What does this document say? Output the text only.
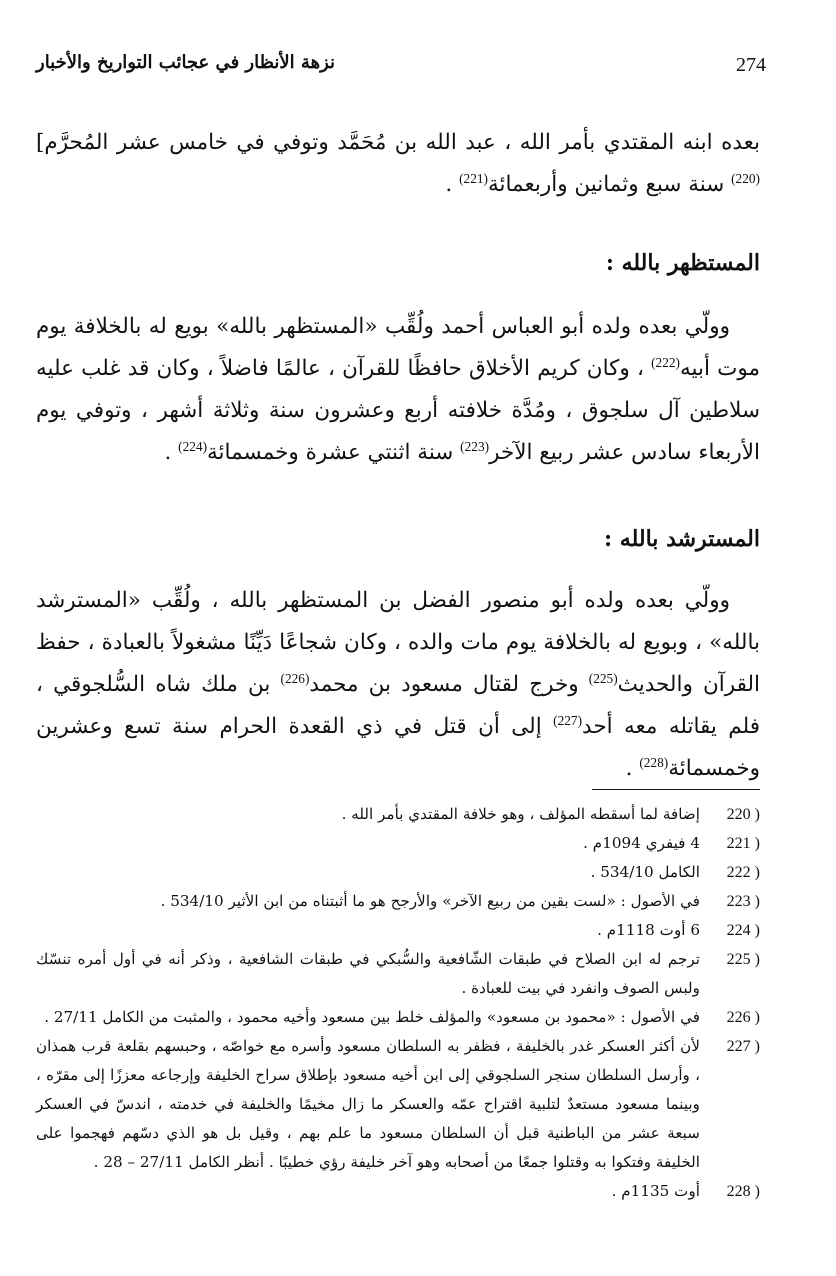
نزهة الأنظار في عجائب التواريخ والأخبار	274

بعده ابنه المقتدي بأمر الله ، عبد الله بن مُحَمَّد وتوفي في خامس عشر المُحرَّم]$^{(220)}$ سنة سبع وثمانين وأربعمائة$^{(221)}$ .

المستظهر بالله :

وولّي بعده ولده أبو العباس أحمد ولُقِّب «المستظهر بالله» بويع له بالخلافة يوم موت أبيه$^{(222)}$ ، وكان كريم الأخلاق حافظًا للقرآن ، عالمًا فاضلاً ، وكان قد غلب عليه سلاطين آل سلجوق ، ومُدَّة خلافته أربع وعشرون سنة وثلاثة أشهر ، وتوفي يوم الأربعاء سادس عشر ربيع الآخر$^{(223)}$ سنة اثنتي عشرة وخمسمائة$^{(224)}$ .

المسترشد بالله :

وولّي بعده ولده أبو منصور الفضل بن المستظهر بالله ، ولُقِّب «المسترشد بالله» ، وبويع له بالخلافة يوم مات والده ، وكان شجاعًا دَيِّنًا مشغولاً بالعبادة ، حفظ القرآن والحديث$^{(225)}$ وخرج لقتال مسعود بن محمد$^{(226)}$ بن ملك شاه السُّلجوقي ، فلم يقاتله معه أحد$^{(227)}$ إلى أن قتل في ذي القعدة الحرام سنة تسع وعشرين وخمسمائة$^{(228)}$ .

220 )
إضافة لما أسقطه المؤلف ، وهو خلافة المقتدي بأمر الله .
221 )
4 فيفري 1094م .
222 )
الكامل 534/10 .
223 )
في الأصول : «لست بقين من ربيع الآخر» والأرجح هو ما أثبتناه من ابن الأثير 534/10 .
224 )
6 أوت 1118م .
225 )
ترجم له ابن الصلاح في طبقات الشّافعية والسُّبكي في طبقات الشافعية ، وذكر أنه في أول أمره تنسّك ولبس الصوف وانفرد في بيت للعبادة .
226 )
في الأصول : «محمود بن مسعود» والمؤلف خلط بين مسعود وأخيه محمود ، والمثبت من الكامل 27/11 .
227 )
لأن أكثر العسكر غدر بالخليفة ، فظفر به السلطان مسعود وأسره مع خواصّه ، وحبسهم بقلعة قرب همذان ، وأرسل السلطان سنجر السلجوقي إلى ابن أخيه مسعود بإطلاق سراح الخليفة وإرجاعه معززًا إلى مقرّه ، وبينما مسعود مستعدٌ لتلبية اقتراح عمّه والعسكر ما زال مخيمًا والخليفة في خدمته ، اندسّ في العسكر سبعة عشر من الباطنية قبل أن السلطان مسعود ما علم بهم ، وقيل بل هو الذي دسّهم فهجموا على الخليفة وفتكوا به وقتلوا جمعًا من أصحابه وهو آخر خليفة رؤي خطيبًا . أنظر الكامل 27/11 – 28 .
228 )
أوت 1135م .
